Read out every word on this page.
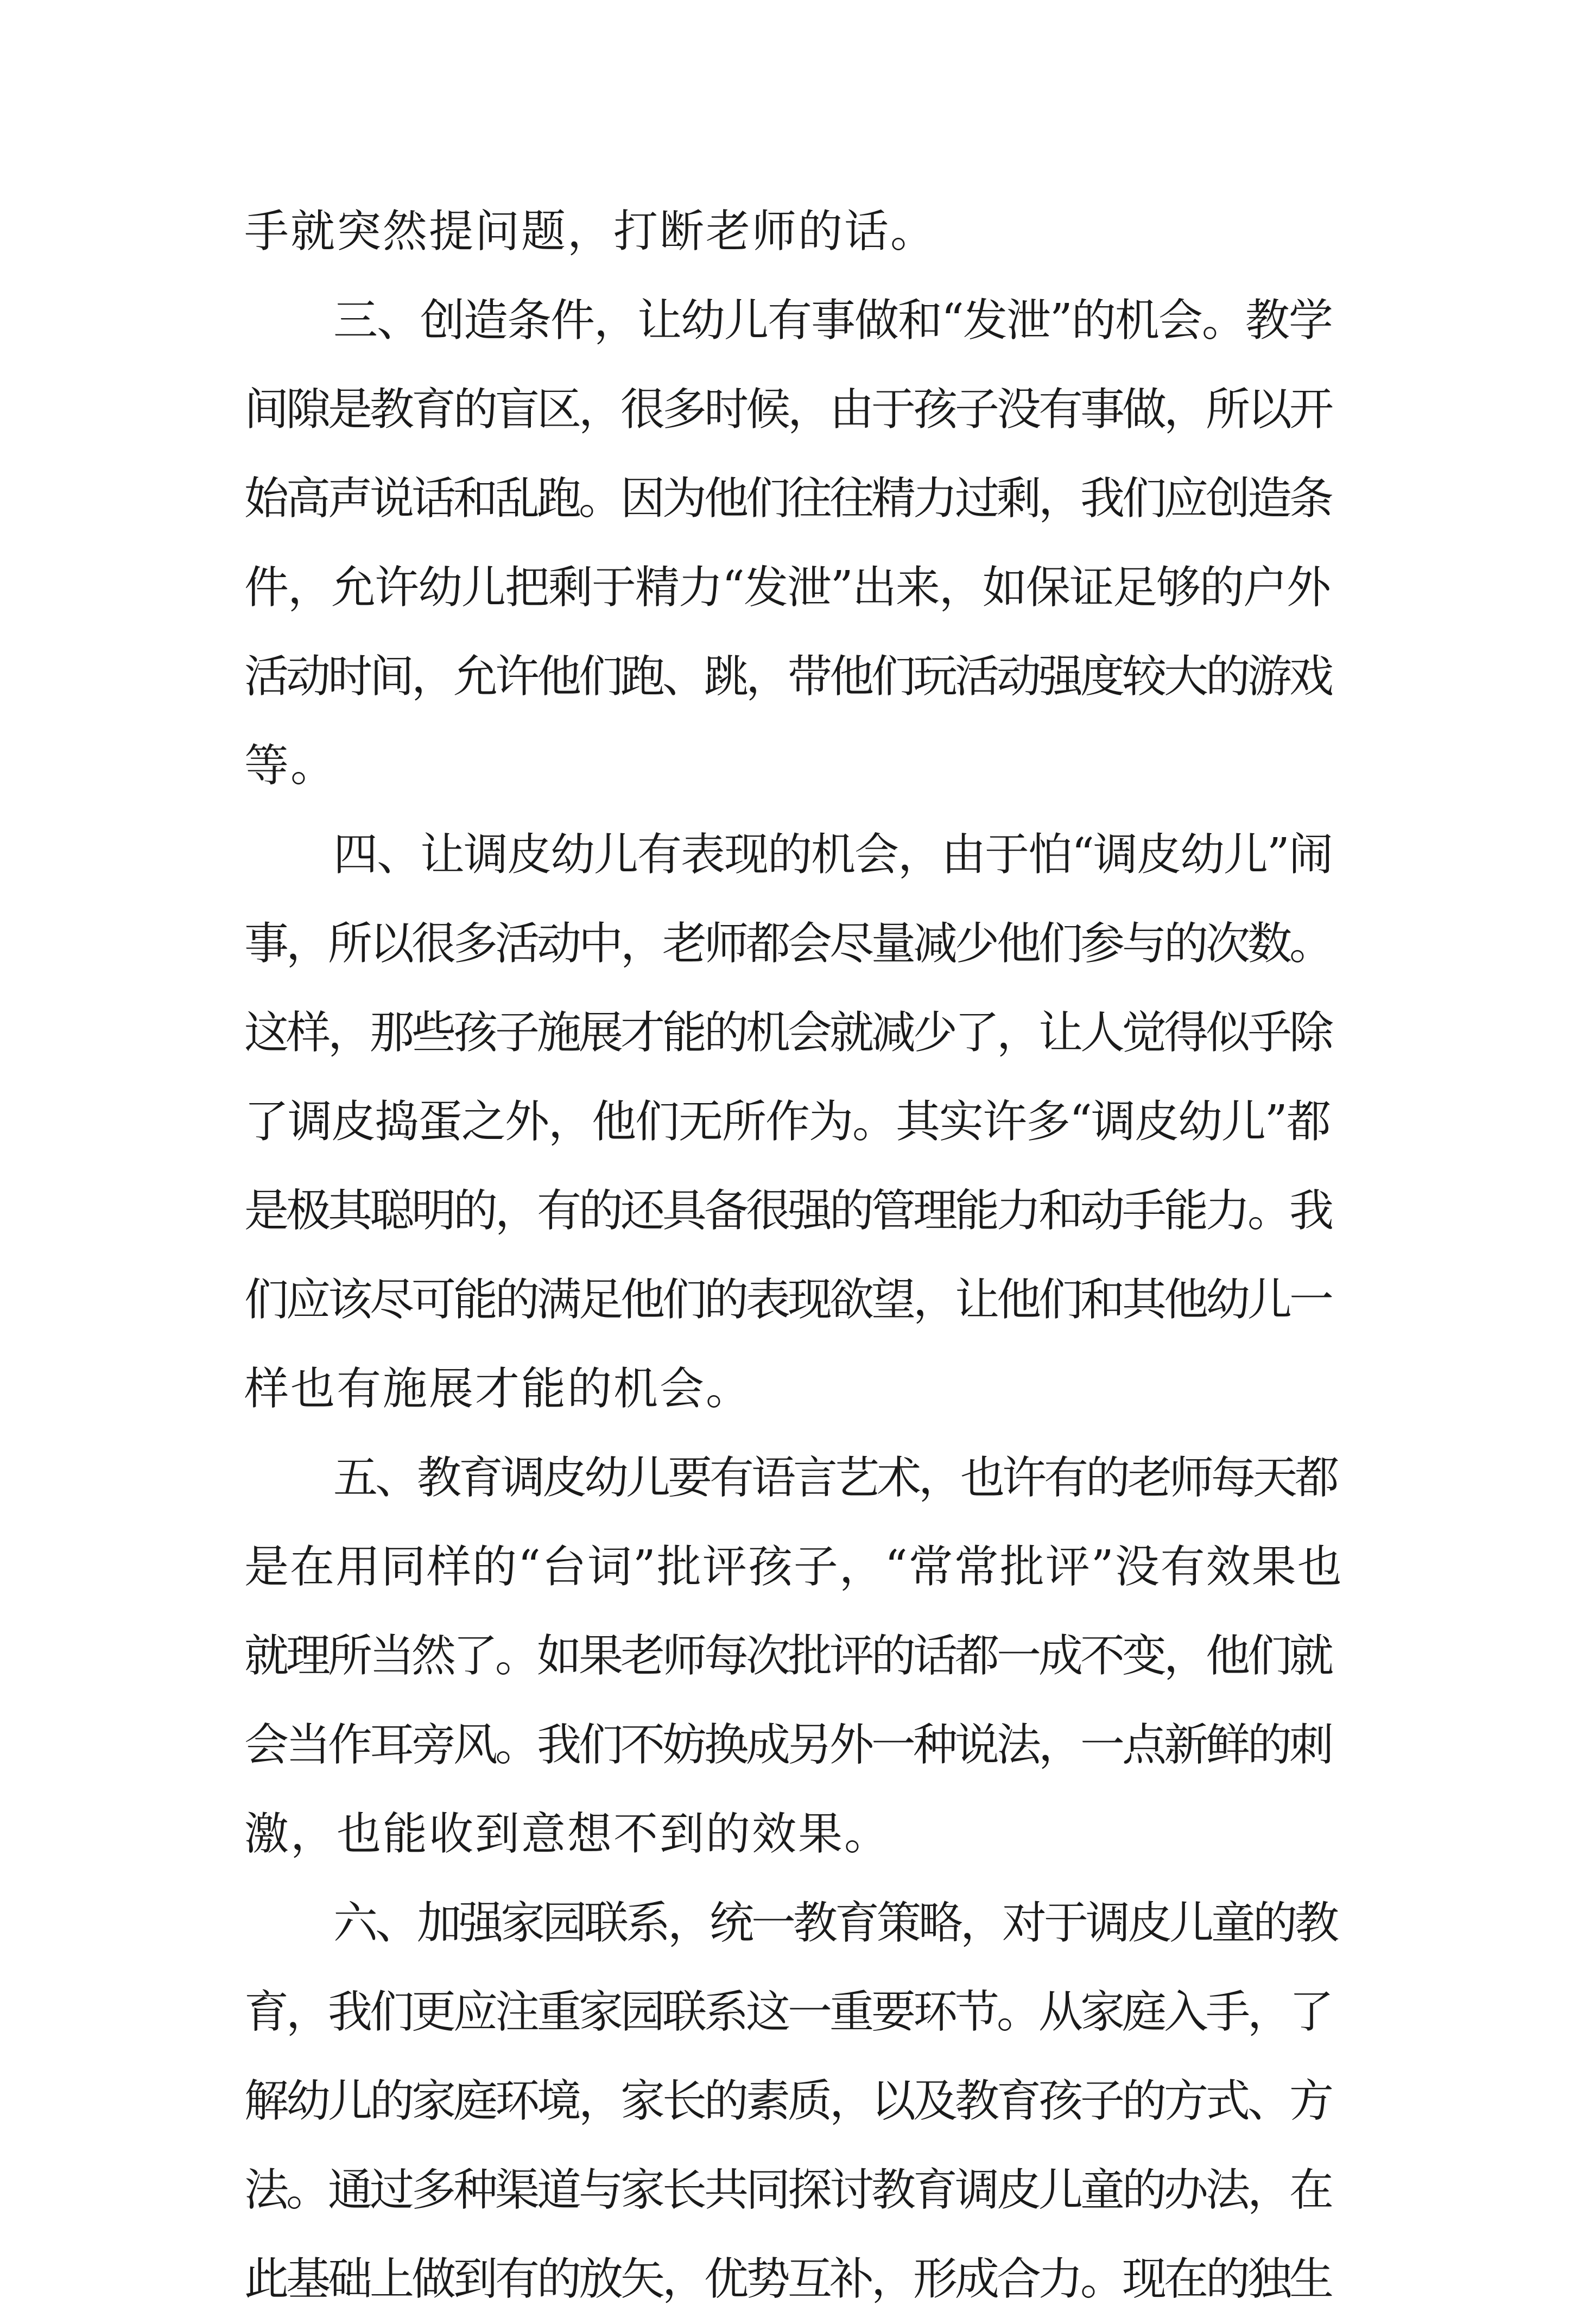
手就突然提问题，打断老师的话。
三、创造条件，让幼儿有事做和“发泄”的机会。教学
间隙是教育的盲区，很多时候，由于孩子没有事做，所以开
始高声说话和乱跑。因为他们往往精力过剩，我们应创造条
件，允许幼儿把剩于精力“发泄”出来，如保证足够的户外
活动时间，允许他们跑、跳，带他们玩活动强度较大的游戏
等。
四、让调皮幼儿有表现的机会，由于怕“调皮幼儿”闹
事，所以很多活动中，老师都会尽量减少他们参与的次数。
这样，那些孩子施展才能的机会就减少了，让人觉得似乎除
了调皮捣蛋之外，他们无所作为。其实许多“调皮幼儿”都
是极其聪明的，有的还具备很强的管理能力和动手能力。我
们应该尽可能的满足他们的表现欲望，让他们和其他幼儿一
样也有施展才能的机会。
五、教育调皮幼儿要有语言艺术，也许有的老师每天都
是在用同样的“台词”批评孩子，“常常批评”没有效果也
就理所当然了。如果老师每次批评的话都一成不变，他们就
会当作耳旁风。我们不妨换成另外一种说法，一点新鲜的刺
激，也能收到意想不到的效果。
六、加强家园联系，统一教育策略，对于调皮儿童的教
育，我们更应注重家园联系这一重要环节。从家庭入手，了
解幼儿的家庭环境，家长的素质，以及教育孩子的方式、方
法。通过多种渠道与家长共同探讨教育调皮儿童的办法，在
此基础上做到有的放矢，优势互补，形成合力。现在的独生
